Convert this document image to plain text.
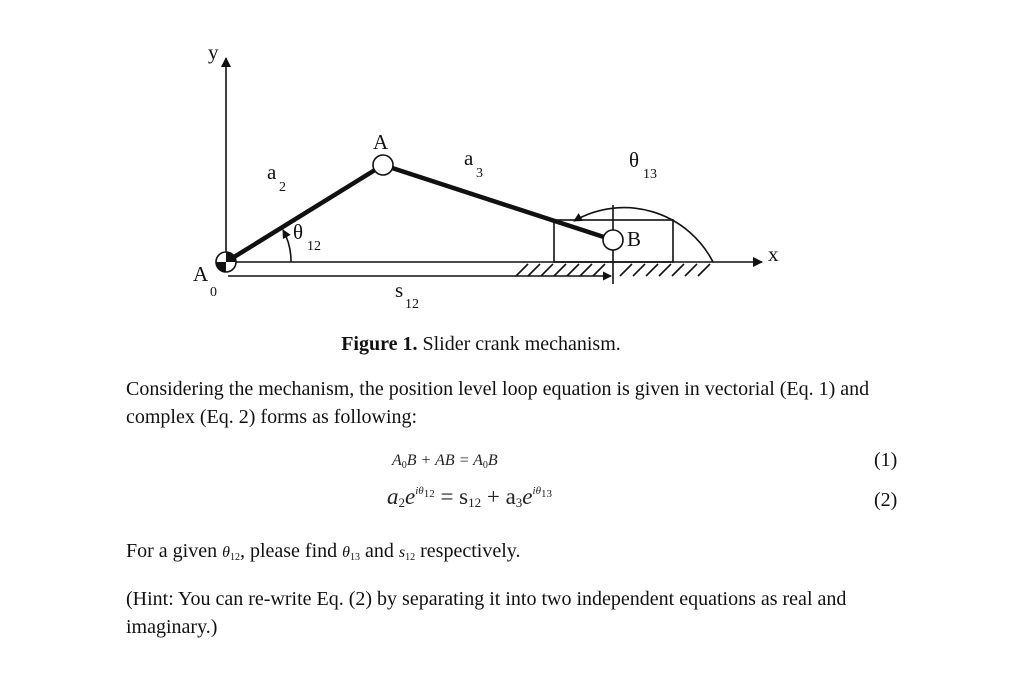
y
x
A
B
A
0
a
2
a
3
θ
12
θ
13
s
12
Figure 1. Slider crank mechanism.
Considering the mechanism, the position level loop equation is given in vectorial (Eq. 1) and complex (Eq. 2) forms as following:
A0B + AB = A0B	(1)
$a2e^{i\theta 12} = s12 + a3e^{i\theta 13}$	(2)
For a given θ12, please find θ13 and s12 respectively.
(Hint: You can re-write Eq. (2) by separating it into two independent equations as real and imaginary.)
